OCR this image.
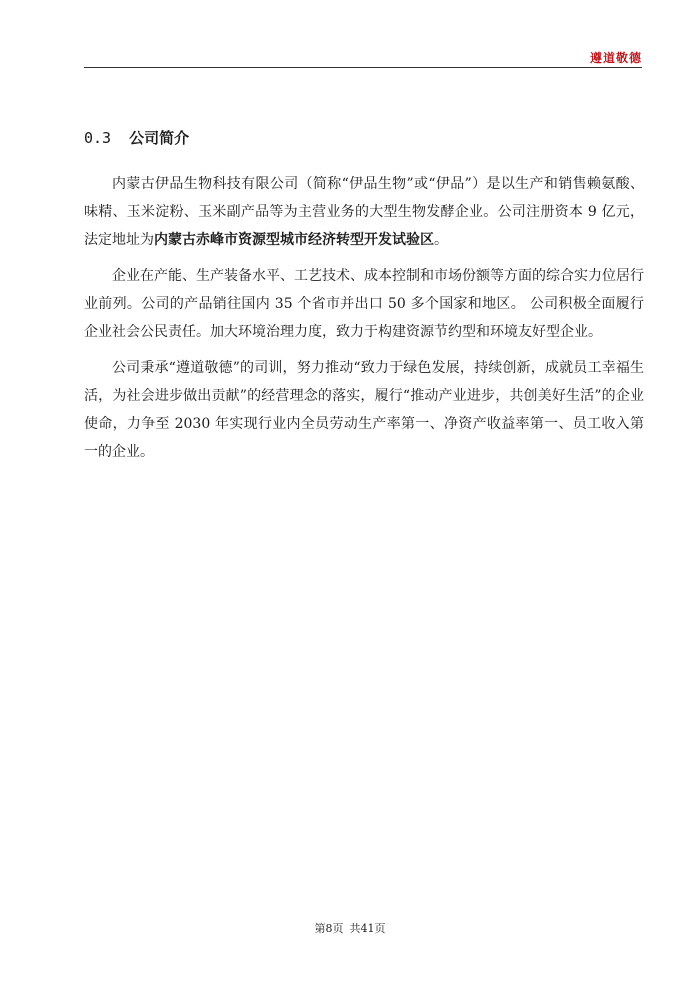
遵道敬德
0.3 公司简介

内蒙古伊品生物科技有限公司（简称“伊品生物”或“伊品”）是以生产和销售赖氨酸、味精、玉米淀粉、玉米副产品等为主营业务的大型生物发酵企业。公司注册资本 9 亿元，法定地址为内蒙古赤峰市资源型城市经济转型开发试验区。

企业在产能、生产装备水平、工艺技术、成本控制和市场份额等方面的综合实力位居行业前列。公司的产品销往国内 35 个省市并出口 50 多个国家和地区。 公司积极全面履行企业社会公民责任。加大环境治理力度，致力于构建资源节约型和环境友好型企业。

公司秉承“遵道敬德”的司训，努力推动“致力于绿色发展，持续创新，成就员工幸福生活，为社会进步做出贡献”的经营理念的落实，履行“推动产业进步，共创美好生活”的企业使命，力争至 2030 年实现行业内全员劳动生产率第一、净资产收益率第一、员工收入第一的企业。

第8页 共41页
